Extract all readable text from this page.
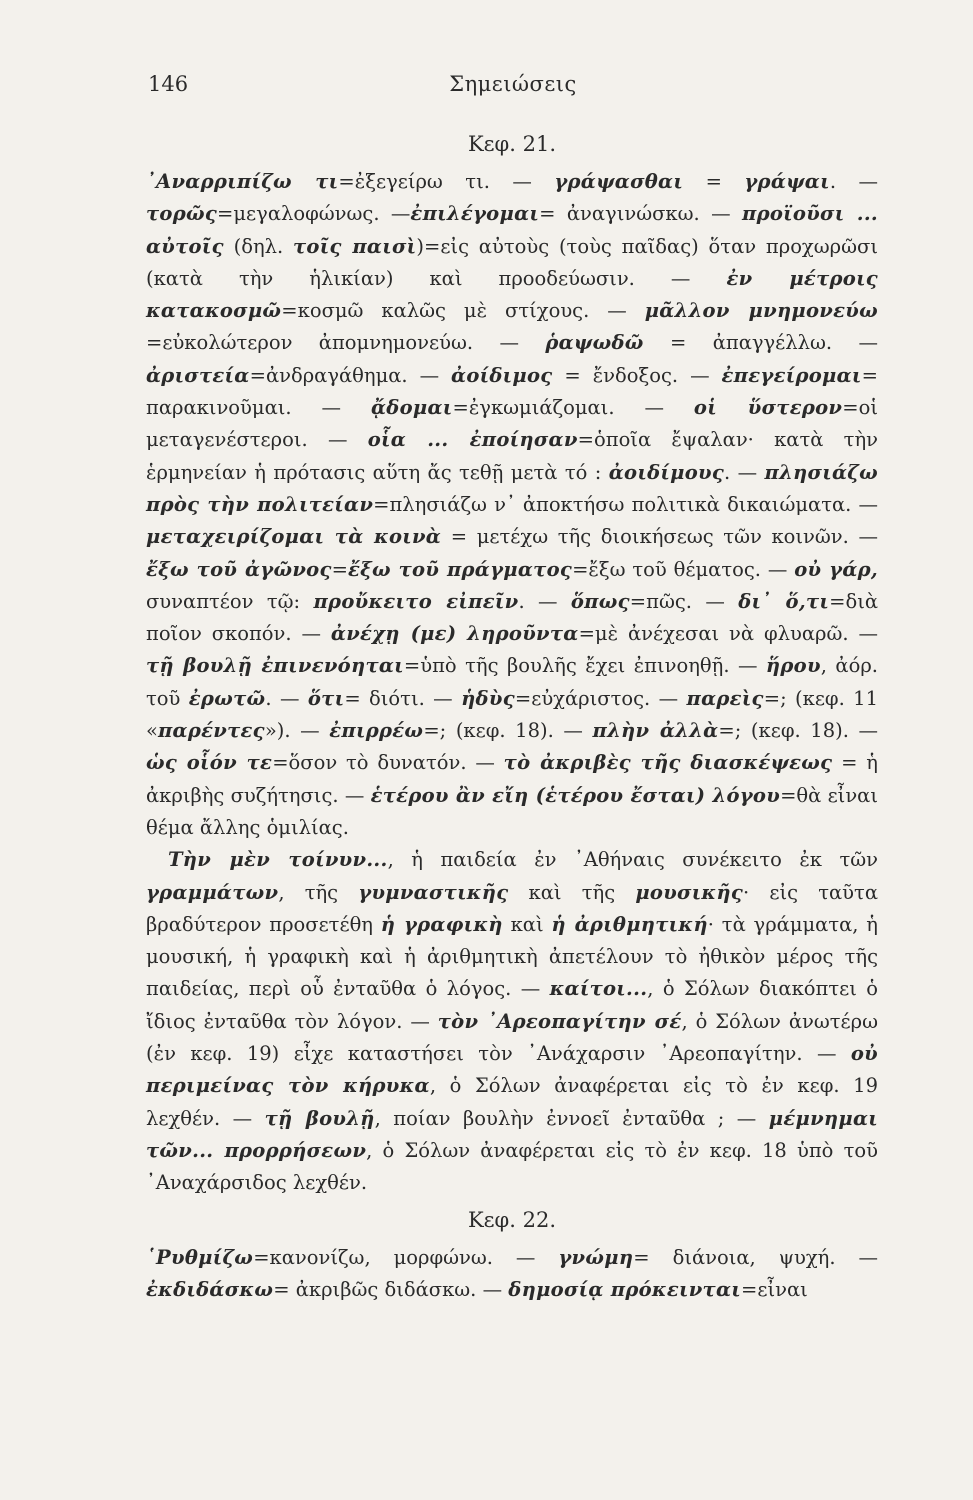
146	Σημειώσεις
Κεφ. 21.

᾿Αναρριπίζω τι=ἐξεγείρω τι. — γράψασθαι = γράψαι. — τορῶς=μεγαλοφώνως. —ἐπιλέγομαι= ἀναγινώσκω. — προϊοῦσι ... αὐτοῖς (δηλ. τοῖς παισὶ)=εἰς αὐτοὺς (τοὺς παῖδας) ὅταν προχωρῶσι (κατὰ τὴν ἡλικίαν) καὶ προοδεύωσιν. — ἐν μέτροις κατακοσμῶ=κοσμῶ καλῶς μὲ στίχους. — μᾶλλον μνημονεύω =εὐκολώτερον ἀπομνημονεύω. — ῥαψωδῶ = ἀπαγγέλλω. — ἀριστεία=ἀνδραγάθημα. — ἀοίδιμος = ἔνδοξος. — ἐπεγείρομαι= παρακινοῦμαι. — ᾄδομαι=ἐγκωμιάζομαι. — οἱ ὕστερον=οἱ μεταγενέστεροι. — οἷα ... ἐποίησαν=ὁποῖα ἔψαλαν· κατὰ τὴν ἑρμηνείαν ἡ πρότασις αὕτη ἄς τεθῇ μετὰ τό : ἀοιδίμους. — πλησιάζω πρὸς τὴν πολιτείαν=πλησιάζω ν᾿ ἀποκτήσω πολιτικὰ δικαιώματα. — μεταχειρίζομαι τὰ κοινὰ = μετέχω τῆς διοικήσεως τῶν κοινῶν. — ἔξω τοῦ ἀγῶνος=ἔξω τοῦ πράγματος=ἔξω τοῦ θέματος. — οὐ γάρ, συναπτέον τῷ: προὔκειτο εἰπεῖν. — ὅπως=πῶς. — δι᾿ ὅ,τι=διὰ ποῖον σκοπόν. — ἀνέχῃ (με) ληροῦντα=μὲ ἀνέχεσαι νὰ φλυαρῶ. — τῇ βουλῇ ἐπινενόηται=ὑπὸ τῆς βουλῆς ἔχει ἐπινοηθῇ. — ἥρου, ἀόρ. τοῦ ἐρωτῶ. — ὅτι= διότι. — ἡδὺς=εὐχάριστος. — παρεὶς=; (κεφ. 11 «παρέντες»). — ἐπιρρέω=; (κεφ. 18). — πλὴν ἀλλὰ=; (κεφ. 18). — ὡς οἷόν τε=ὅσον τὸ δυνατόν. — τὸ ἀκριβὲς τῆς διασκέψεως = ἡ ἀκριβὴς συζήτησις. — ἑτέρου ἂν εἴη (ἑτέρου ἔσται) λόγου=θὰ εἶναι θέμα ἄλλης ὁμιλίας.

Τὴν μὲν τοίνυν..., ἡ παιδεία ἐν ᾿Αθήναις συνέκειτο ἐκ τῶν γραμμάτων, τῆς γυμναστικῆς καὶ τῆς μουσικῆς· εἰς ταῦτα βραδύτερον προσετέθη ἡ γραφικὴ καὶ ἡ ἀριθμητική· τὰ γράμματα, ἡ μουσική, ἡ γραφικὴ καὶ ἡ ἀριθμητικὴ ἀπετέλουν τὸ ἠθικὸν μέρος τῆς παιδείας, περὶ οὗ ἐνταῦθα ὁ λόγος. — καίτοι..., ὁ Σόλων διακόπτει ὁ ἴδιος ἐνταῦθα τὸν λόγον. — τὸν ᾿Αρεοπαγίτην σέ, ὁ Σόλων ἀνωτέρω (ἐν κεφ. 19) εἶχε καταστήσει τὸν ᾿Ανάχαρσιν ᾿Αρεοπαγίτην. — οὐ περιμείνας τὸν κήρυκα, ὁ Σόλων ἀναφέρεται εἰς τὸ ἐν κεφ. 19 λεχθέν. — τῇ βουλῇ, ποίαν βουλὴν ἐννοεῖ ἐνταῦθα ; — μέμνημαι τῶν... προρρήσεων, ὁ Σόλων ἀναφέρεται εἰς τὸ ἐν κεφ. 18 ὑπὸ τοῦ ᾿Αναχάρσιδος λεχθέν.

Κεφ. 22.

῾Ρυθμίζω=κανονίζω, μορφώνω. — γνώμη= διάνοια, ψυχή. — ἐκδιδάσκω= ἀκριβῶς διδάσκω. — δημοσίᾳ πρόκεινται=εἶναι
